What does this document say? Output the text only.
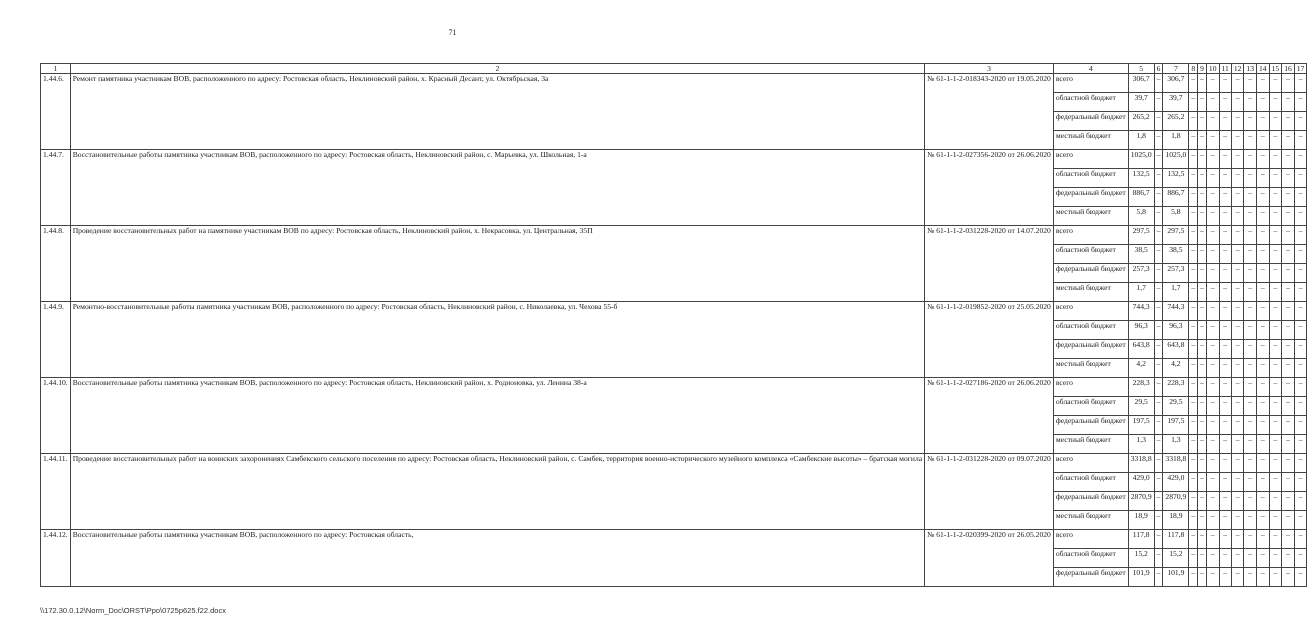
71
1	2	3	4	5	6	7	8	9	10	11	12	13	14	15	16	17
1.44.6.	Ремонт памятника участникам ВОВ, расположенного по адресу: Ростовская область, Неклиновский район, х. Красный Десант, ул. Октябрьская, 3а	№ 61-1-1-2-018343-2020 от 19.05.2020	всего	306,7	–	306,7	–	–	–	–	–	–	–	–	–	–
			областной бюджет	39,7	–	39,7	–	–	–	–	–	–	–	–	–	–
			федеральный бюджет	265,2	–	265,2	–	–	–	–	–	–	–	–	–	–
			местный бюджет	1,8	–	1,8	–	–	–	–	–	–	–	–	–	–
1.44.7.	Восстановительные работы памятника участникам ВОВ, расположенного по адресу: Ростовская область, Неклиновский район, с. Марьевка, ул. Школьная, 1-а	№ 61-1-1-2-027356-2020 от 26.06.2020	всего	1025,0	–	1025,0	–	–	–	–	–	–	–	–	–	–
			областной бюджет	132,5	–	132,5	–	–	–	–	–	–	–	–	–	–
			федеральный бюджет	886,7	–	886,7	–	–	–	–	–	–	–	–	–	–
			местный бюджет	5,8	–	5,8	–	–	–	–	–	–	–	–	–	–
1.44.8.	Проведение восстановительных работ на памятнике участникам ВОВ по адресу: Ростовская область, Неклиновский район, х. Некрасовка, ул. Центральная, 35П	№ 61-1-1-2-031228-2020 от 14.07.2020	всего	297,5	–	297,5	–	–	–	–	–	–	–	–	–	–
			областной бюджет	38,5	–	38,5	–	–	–	–	–	–	–	–	–	–
			федеральный бюджет	257,3	–	257,3	–	–	–	–	–	–	–	–	–	–
			местный бюджет	1,7	–	1,7	–	–	–	–	–	–	–	–	–	–
1.44.9.	Ремонтно-восстановительные работы памятника участникам ВОВ, расположенного по адресу: Ростовская область, Неклиновский район, с. Николаевка, ул. Чехова 55-б	№ 61-1-1-2-019852-2020 от 25.05.2020	всего	744,3	–	744,3	–	–	–	–	–	–	–	–	–	–
			областной бюджет	96,3	–	96,3	–	–	–	–	–	–	–	–	–	–
			федеральный бюджет	643,8	–	643,8	–	–	–	–	–	–	–	–	–	–
			местный бюджет	4,2	–	4,2	–	–	–	–	–	–	–	–	–	–
1.44.10.	Восстановительные работы памятника участникам ВОВ, расположенного по адресу: Ростовская область, Неклиновский район, х. Родионовка, ул. Ленина 38-а	№ 61-1-1-2-027186-2020 от 26.06.2020	всего	228,3	–	228,3	–	–	–	–	–	–	–	–	–	–
			областной бюджет	29,5	–	29,5	–	–	–	–	–	–	–	–	–	–
			федеральный бюджет	197,5	–	197,5	–	–	–	–	–	–	–	–	–	–
			местный бюджет	1,3	–	1,3	–	–	–	–	–	–	–	–	–	–
1.44.11.	Проведение восстановительных работ на воинских захоронениях Самбекского сельского поселения по адресу: Ростовская область, Неклиновский район, с. Самбек, территория военно-исторического музейного комплекса «Самбекские высоты» – братская могила	№ 61-1-1-2-031228-2020 от 09.07.2020	всего	3318,8	–	3318,8	–	–	–	–	–	–	–	–	–	–
			областной бюджет	429,0	–	429,0	–	–	–	–	–	–	–	–	–	–
			федеральный бюджет	2870,9	–	2870,9	–	–	–	–	–	–	–	–	–	–
			местный бюджет	18,9	–	18,9	–	–	–	–	–	–	–	–	–	–
1.44.12.	Восстановительные работы памятника участникам ВОВ, расположенного по адресу: Ростовская область,	№ 61-1-1-2-020399-2020 от 26.05.2020	всего	117,8	–	117,8	–	–	–	–	–	–	–	–	–	–
			областной бюджет	15,2	–	15,2	–	–	–	–	–	–	–	–	–	–
			федеральный бюджет	101,9	–	101,9	–	–	–	–	–	–	–	–	–	–
\\172.30.0.12\Norm_Doc\ORST\Ppo\0725p625.f22.docx
